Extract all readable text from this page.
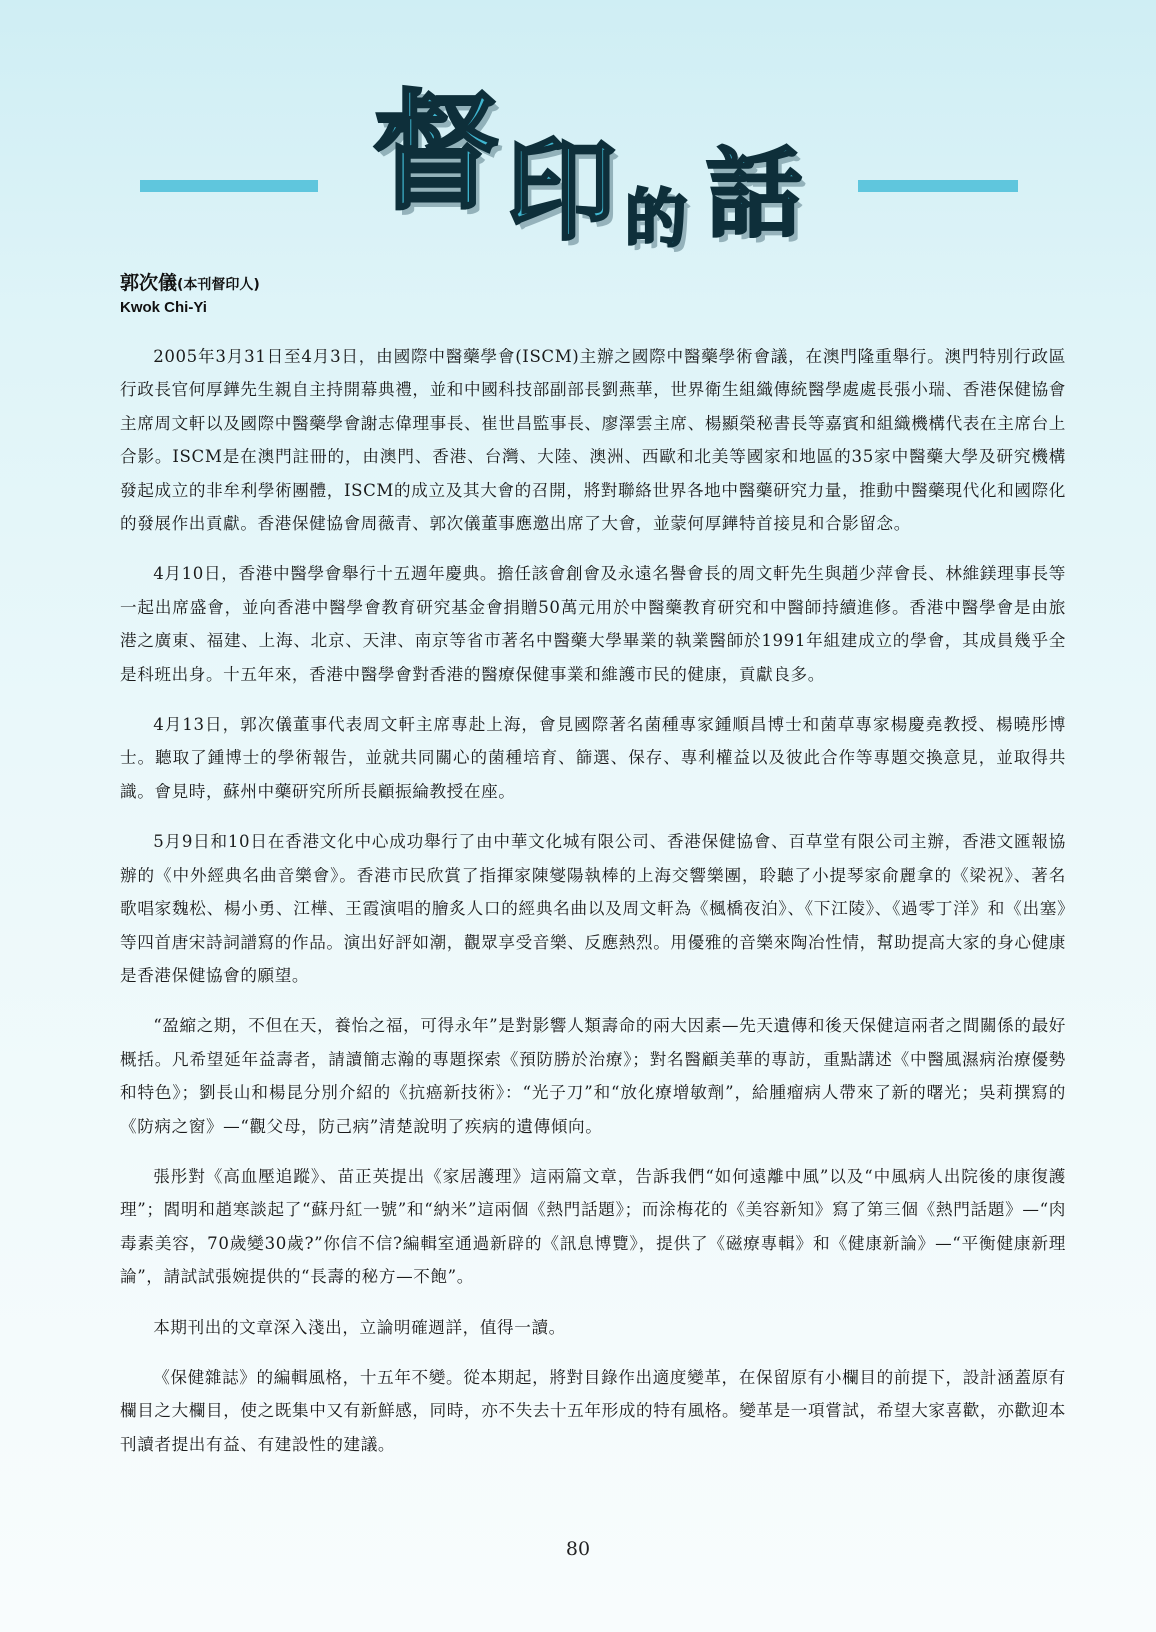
督 印 的 話
郭次儀(本刊督印人)
Kwok Chi-Yi

2005年3月31日至4月3日，由國際中醫藥學會(ISCM)主辦之國際中醫藥學術會議，在澳門隆重舉行。澳門特別行政區行政長官何厚鏵先生親自主持開幕典禮，並和中國科技部副部長劉燕華，世界衛生組織傳統醫學處處長張小瑞、香港保健協會主席周文軒以及國際中醫藥學會謝志偉理事長、崔世昌監事長、廖澤雲主席、楊顯榮秘書長等嘉賓和組織機構代表在主席台上合影。ISCM是在澳門註冊的，由澳門、香港、台灣、大陸、澳洲、西歐和北美等國家和地區的35家中醫藥大學及研究機構發起成立的非牟利學術團體，ISCM的成立及其大會的召開，將對聯絡世界各地中醫藥研究力量，推動中醫藥現代化和國際化的發展作出貢獻。香港保健協會周薇青、郭次儀董事應邀出席了大會，並蒙何厚鏵特首接見和合影留念。

4月10日，香港中醫學會舉行十五週年慶典。擔任該會創會及永遠名譽會長的周文軒先生與趙少萍會長、林維鎂理事長等一起出席盛會，並向香港中醫學會教育研究基金會捐贈50萬元用於中醫藥教育研究和中醫師持續進修。香港中醫學會是由旅港之廣東、福建、上海、北京、天津、南京等省市著名中醫藥大學畢業的執業醫師於1991年組建成立的學會，其成員幾乎全是科班出身。十五年來，香港中醫學會對香港的醫療保健事業和維護市民的健康，貢獻良多。

4月13日，郭次儀董事代表周文軒主席專赴上海，會見國際著名菌種專家鍾順昌博士和菌草專家楊慶堯教授、楊曉彤博士。聽取了鍾博士的學術報告，並就共同關心的菌種培育、篩選、保存、專利權益以及彼此合作等專題交換意見，並取得共識。會見時，蘇州中藥研究所所長顧振綸教授在座。

5月9日和10日在香港文化中心成功舉行了由中華文化城有限公司、香港保健協會、百草堂有限公司主辦，香港文匯報協辦的《中外經典名曲音樂會》。香港市民欣賞了指揮家陳燮陽執棒的上海交響樂團，聆聽了小提琴家俞麗拿的《梁祝》、著名歌唱家魏松、楊小勇、江樺、王霞演唱的膾炙人口的經典名曲以及周文軒為《楓橋夜泊》、《下江陵》、《過零丁洋》和《出塞》等四首唐宋詩詞譜寫的作品。演出好評如潮，觀眾享受音樂、反應熱烈。用優雅的音樂來陶冶性情，幫助提高大家的身心健康是香港保健協會的願望。

“盈縮之期，不但在天，養怡之福，可得永年”是對影響人類壽命的兩大因素—先天遺傳和後天保健這兩者之間關係的最好概括。凡希望延年益壽者，請讀簡志瀚的專題探索《預防勝於治療》；對名醫顧美華的專訪，重點講述《中醫風濕病治療優勢和特色》；劉長山和楊昆分別介紹的《抗癌新技術》：“光子刀”和“放化療增敏劑”，給腫瘤病人帶來了新的曙光；吳莉撰寫的《防病之窗》—“觀父母，防己病”清楚說明了疾病的遺傳傾向。

張彤對《高血壓追蹤》、苗正英提出《家居護理》這兩篇文章，告訴我們“如何遠離中風”以及“中風病人出院後的康復護理”；閻明和趙寒談起了“蘇丹紅一號”和“納米”這兩個《熱門話題》；而涂梅花的《美容新知》寫了第三個《熱門話題》—“肉毒素美容，70歲變30歲?”你信不信?編輯室通過新辟的《訊息博覽》，提供了《磁療專輯》和《健康新論》—“平衡健康新理論”，請試試張婉提供的“長壽的秘方—不飽”。

本期刊出的文章深入淺出，立論明確週詳，值得一讀。

《保健雜誌》的編輯風格，十五年不變。從本期起，將對目錄作出適度變革，在保留原有小欄目的前提下，設計涵蓋原有欄目之大欄目，使之既集中又有新鮮感，同時，亦不失去十五年形成的特有風格。變革是一項嘗試，希望大家喜歡，亦歡迎本刊讀者提出有益、有建設性的建議。

80
